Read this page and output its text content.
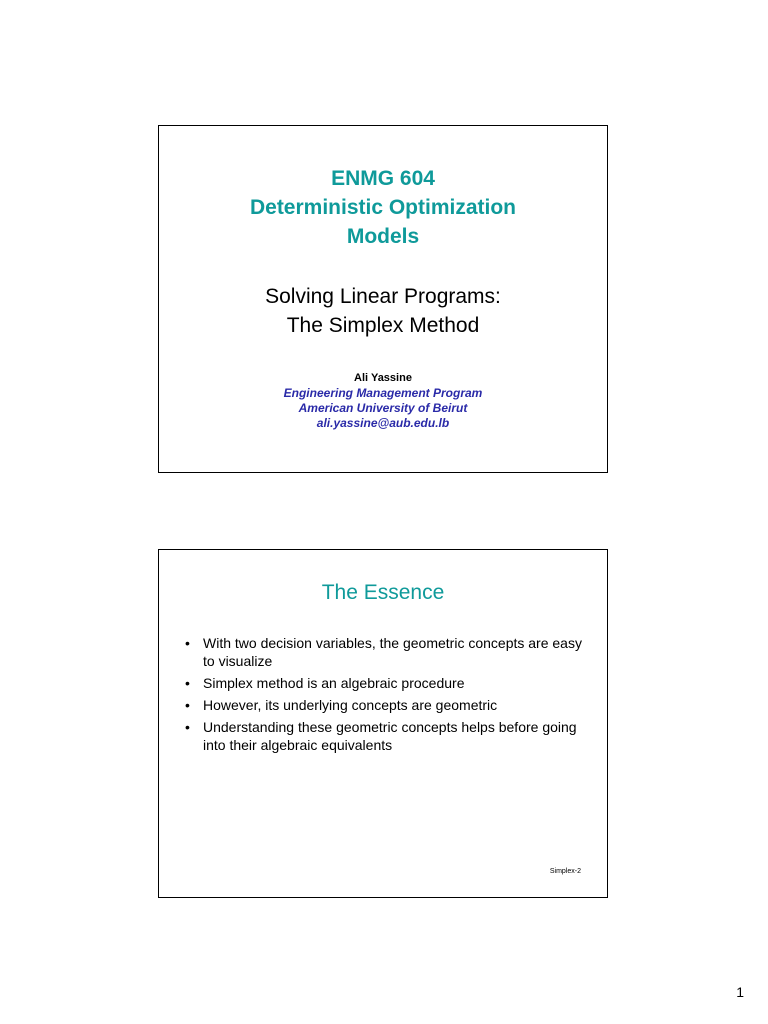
ENMG 604
Deterministic Optimization
Models
Solving Linear Programs:
The Simplex Method
Ali Yassine
Engineering Management Program
American University of Beirut
ali.yassine@aub.edu.lb
The Essence
• With two decision variables, the geometric concepts are easy to visualize
• Simplex method is an algebraic procedure
• However, its underlying concepts are geometric
• Understanding these geometric concepts helps before going into their algebraic equivalents
Simplex-2
1
